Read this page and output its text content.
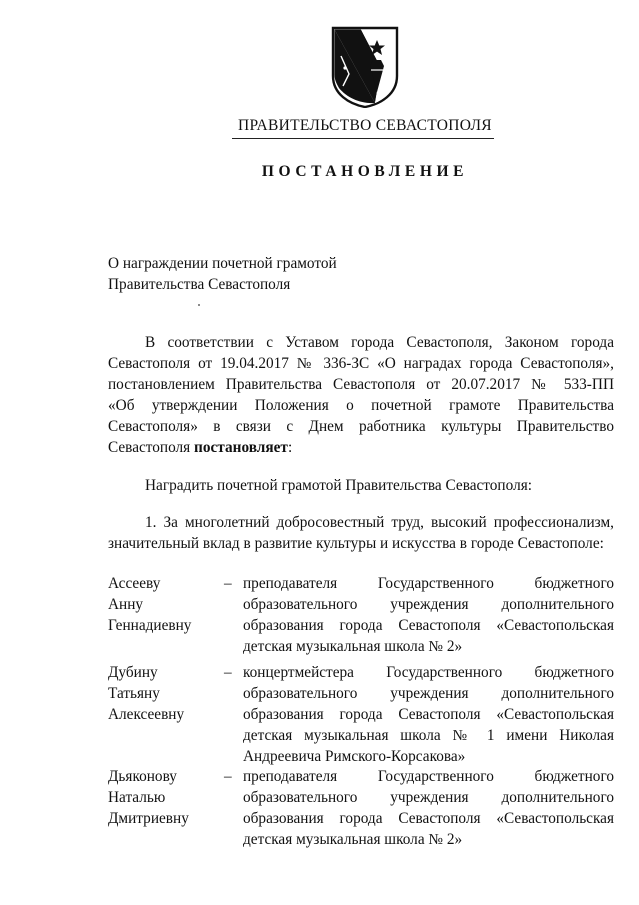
ПРАВИТЕЛЬСТВО СЕВАСТОПОЛЯ
ПОСТАНОВЛЕНИЕ
О награждении почетной грамотой
Правительства Севастополя
В соответствии с Уставом города Севастополя, Законом города
Севастополя от 19.04.2017 № 336-ЗС «О наградах города Севастополя»,
постановлением Правительства Севастополя от 20.07.2017 № 533-ПП
«Об утверждении Положения о почетной грамоте Правительства
Севастополя» в связи с Днем работника культуры Правительство
Севастополя постановляет:
Наградить почетной грамотой Правительства Севастополя:
1. За многолетний добросовестный труд, высокий профессионализм,
значительный вклад в развитие культуры и искусства в городе Севастополе:
Ассееву
Анну
Геннадиевну
– преподавателя Государственного бюджетного
образовательного учреждения дополнительного
образования города Севастополя «Севастопольская
детская музыкальная школа № 2»
Дубину
Татьяну
Алексеевну
– концертмейстера Государственного бюджетного
образовательного учреждения дополнительного
образования города Севастополя «Севастопольская
детская музыкальная школа № 1 имени Николая
Андреевича Римского-Корсакова»
Дьяконову
Наталью
Дмитриевну
– преподавателя Государственного бюджетного
образовательного учреждения дополнительного
образования города Севастополя «Севастопольская
детская музыкальная школа № 2»
